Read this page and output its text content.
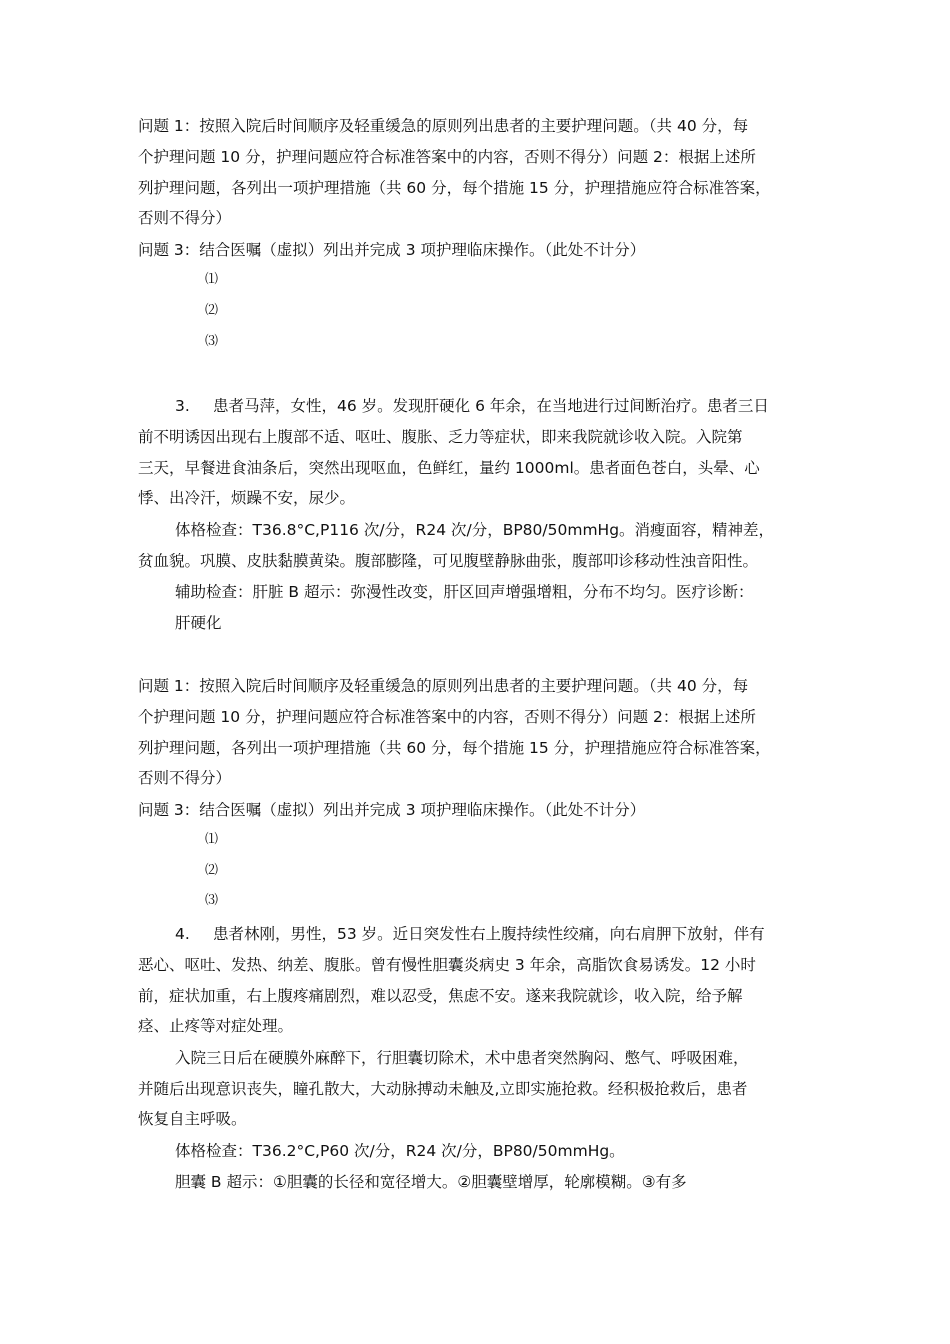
问题 1：按照入院后时间顺序及轻重缓急的原则列出患者的主要护理问题。（共 40 分，每
个护理问题 10 分，护理问题应符合标准答案中的内容，否则不得分）问题 2：根据上述所
列护理问题，各列出一项护理措施（共 60 分，每个措施 15 分，护理措施应符合标准答案，
否则不得分）
问题 3：结合医嘱（虚拟）列出并完成 3 项护理临床操作。（此处不计分）
⑴
⑵
⑶
3. 患者马萍，女性，46 岁。发现肝硬化 6 年余，在当地进行过间断治疗。患者三日
前不明诱因出现右上腹部不适、呕吐、腹胀、乏力等症状，即来我院就诊收入院。入院第
三天，早餐进食油条后，突然出现呕血，色鲜红，量约 1000ml。患者面色苍白，头晕、心
悸、出冷汗，烦躁不安，尿少。
体格检查：T36.8°C,P116 次/分，R24 次/分，BP80/50mmHg。消瘦面容，精神差，
贫血貌。巩膜、皮肤黏膜黄染。腹部膨隆，可见腹壁静脉曲张，腹部叩诊移动性浊音阳性。
辅助检查：肝脏 B 超示：弥漫性改变，肝区回声增强增粗，分布不均匀。医疗诊断：
肝硬化
问题 1：按照入院后时间顺序及轻重缓急的原则列出患者的主要护理问题。（共 40 分，每
个护理问题 10 分，护理问题应符合标准答案中的内容，否则不得分）问题 2：根据上述所
列护理问题，各列出一项护理措施（共 60 分，每个措施 15 分，护理措施应符合标准答案，
否则不得分）
问题 3：结合医嘱（虚拟）列出并完成 3 项护理临床操作。（此处不计分）
⑴
⑵
⑶
4. 患者林刚，男性，53 岁。近日突发性右上腹持续性绞痛，向右肩胛下放射，伴有
恶心、呕吐、发热、纳差、腹胀。曾有慢性胆囊炎病史 3 年余，高脂饮食易诱发。12 小时
前，症状加重，右上腹疼痛剧烈，难以忍受，焦虑不安。遂来我院就诊，收入院，给予解
痉、止疼等对症处理。
入院三日后在硬膜外麻醉下，行胆囊切除术，术中患者突然胸闷、憋气、呼吸困难，
并随后出现意识丧失，瞳孔散大，大动脉搏动未触及,立即实施抢救。经积极抢救后，患者
恢复自主呼吸。
体格检查：T36.2°C,P60 次/分，R24 次/分，BP80/50mmHg。
胆囊 B 超示：①胆囊的长径和宽径增大。②胆囊壁增厚，轮廓模糊。③有多
